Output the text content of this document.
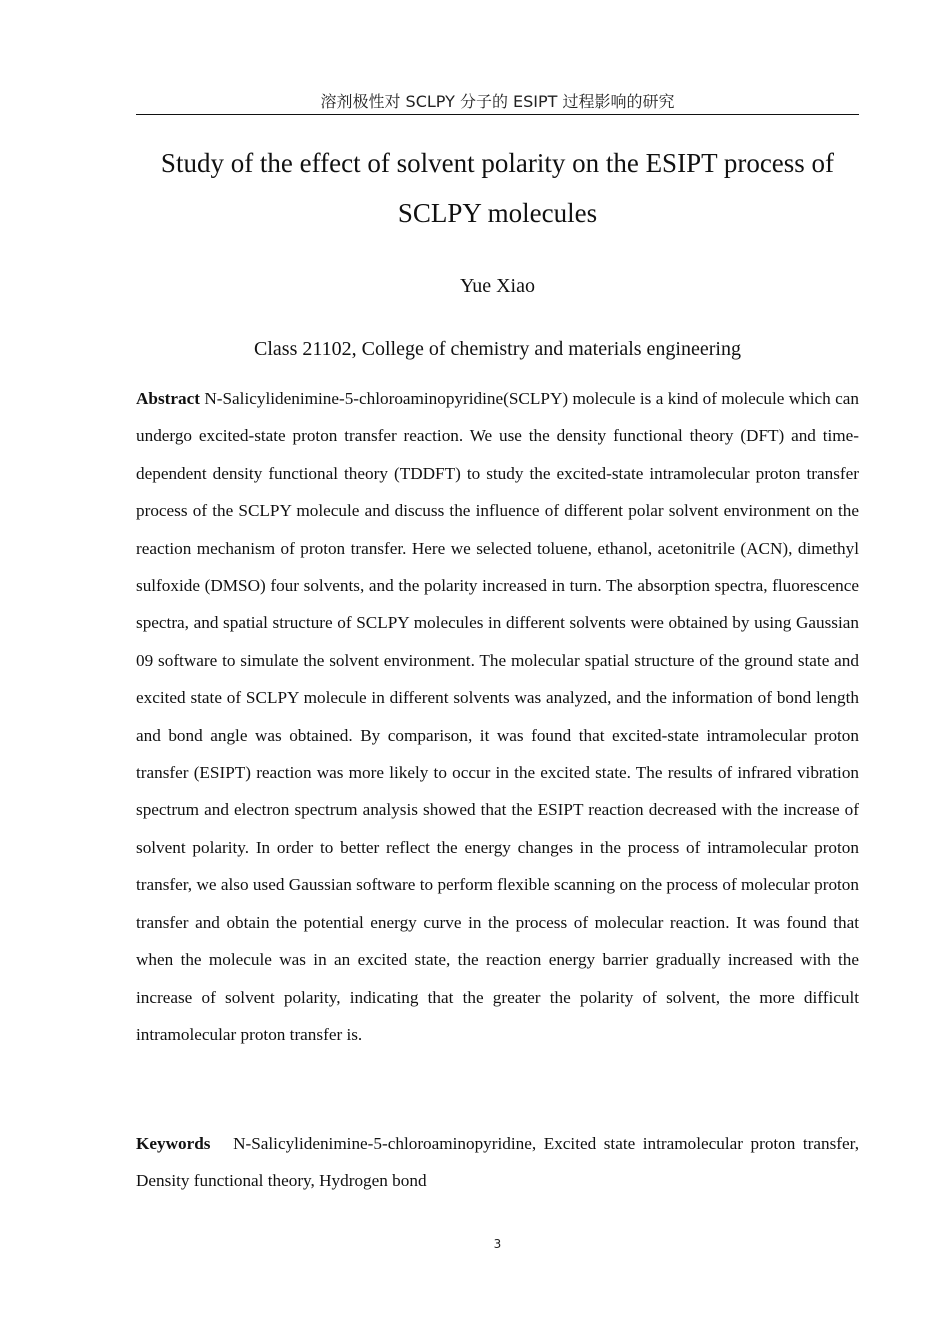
溶剂极性对 SCLPY 分子的 ESIPT 过程影响的研究
Study of the effect of solvent polarity on the ESIPT process of SCLPY molecules
Yue Xiao
Class 21102, College of chemistry and materials engineering

Abstract N-Salicylidenimine-5-chloroaminopyridine(SCLPY) molecule is a kind of molecule which can undergo excited-state proton transfer reaction. We use the density functional theory (DFT) and time-dependent density functional theory (TDDFT) to study the excited-state intramolecular proton transfer process of the SCLPY molecule and discuss the influence of different polar solvent environment on the reaction mechanism of proton transfer. Here we selected toluene, ethanol, acetonitrile (ACN), dimethyl sulfoxide (DMSO) four solvents, and the polarity increased in turn. The absorption spectra, fluorescence spectra, and spatial structure of SCLPY molecules in different solvents were obtained by using Gaussian 09 software to simulate the solvent environment. The molecular spatial structure of the ground state and excited state of SCLPY molecule in different solvents was analyzed, and the information of bond length and bond angle was obtained. By comparison, it was found that excited-state intramolecular proton transfer (ESIPT) reaction was more likely to occur in the excited state. The results of infrared vibration spectrum and electron spectrum analysis showed that the ESIPT reaction decreased with the increase of solvent polarity. In order to better reflect the energy changes in the process of intramolecular proton transfer, we also used Gaussian software to perform flexible scanning on the process of molecular proton transfer and obtain the potential energy curve in the process of molecular reaction. It was found that when the molecule was in an excited state, the reaction energy barrier gradually increased with the increase of solvent polarity, indicating that the greater the polarity of solvent, the more difficult intramolecular proton transfer is.

Keywords N-Salicylidenimine-5-chloroaminopyridine, Excited state intramolecular proton transfer, Density functional theory, Hydrogen bond

3
